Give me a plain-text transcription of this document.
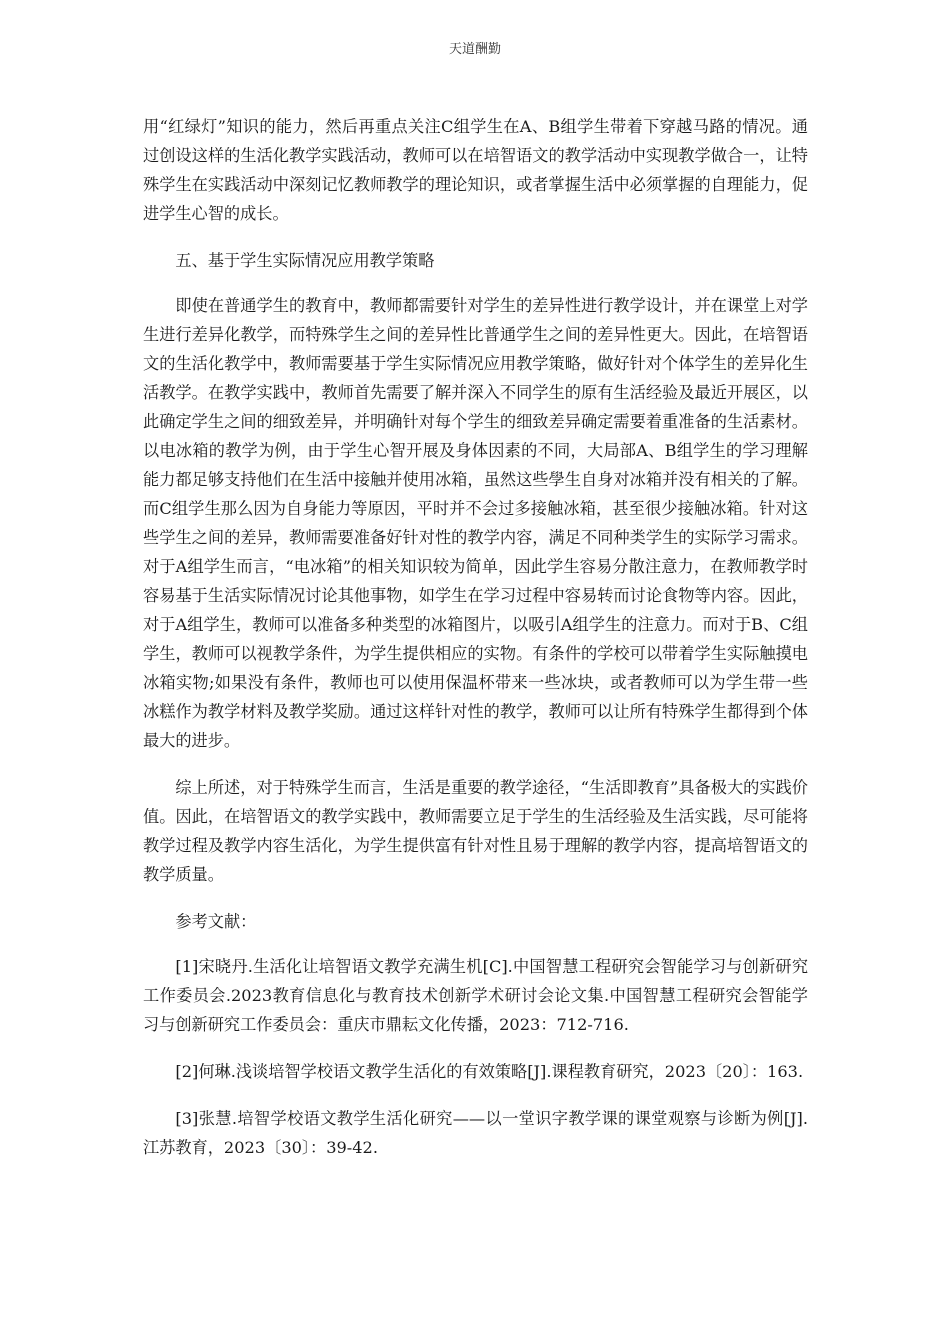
天道酬勤

用“红绿灯”知识的能力，然后再重点关注C组学生在A、B组学生带着下穿越马路的情况。通过创设这样的生活化教学实践活动，教师可以在培智语文的教学活动中实现教学做合一，让特殊学生在实践活动中深刻记忆教师教学的理论知识，或者掌握生活中必须掌握的自理能力，促进学生心智的成长。

五、基于学生实际情况应用教学策略

即使在普通学生的教育中，教师都需要针对学生的差异性进行教学设计，并在课堂上对学生进行差异化教学，而特殊学生之间的差异性比普通学生之间的差异性更大。因此，在培智语文的生活化教学中，教师需要基于学生实际情况应用教学策略，做好针对个体学生的差异化生活教学。在教学实践中，教师首先需要了解并深入不同学生的原有生活经验及最近开展区，以此确定学生之间的细致差异，并明确针对每个学生的细致差异确定需要着重准备的生活素材。以电冰箱的教学为例，由于学生心智开展及身体因素的不同，大局部A、B组学生的学习理解能力都足够支持他们在生活中接触并使用冰箱，虽然这些學生自身对冰箱并没有相关的了解。而C组学生那么因为自身能力等原因，平时并不会过多接触冰箱，甚至很少接触冰箱。针对这些学生之间的差异，教师需要准备好针对性的教学内容，满足不同种类学生的实际学习需求。对于A组学生而言，“电冰箱”的相关知识较为简单，因此学生容易分散注意力，在教师教学时容易基于生活实际情况讨论其他事物，如学生在学习过程中容易转而讨论食物等内容。因此，对于A组学生，教师可以准备多种类型的冰箱图片，以吸引A组学生的注意力。而对于B、C组学生，教师可以视教学条件，为学生提供相应的实物。有条件的学校可以带着学生实际触摸电冰箱实物;如果没有条件，教师也可以使用保温杯带来一些冰块，或者教师可以为学生带一些冰糕作为教学材料及教学奖励。通过这样针对性的教学，教师可以让所有特殊学生都得到个体最大的进步。

综上所述，对于特殊学生而言，生活是重要的教学途径，“生活即教育”具备极大的实践价值。因此，在培智语文的教学实践中，教师需要立足于学生的生活经验及生活实践，尽可能将教学过程及教学内容生活化，为学生提供富有针对性且易于理解的教学内容，提高培智语文的教学质量。

参考文献：

[1]宋晓丹.生活化让培智语文教学充满生机[C].中国智慧工程研究会智能学习与创新研究工作委员会.2023教育信息化与教育技术创新学术研讨会论文集.中国智慧工程研究会智能学习与创新研究工作委员会：重庆市鼎耘文化传播，2023：712-716.

[2]何琳.浅谈培智学校语文教学生活化的有效策略[J].课程教育研究，2023〔20〕：163.

[3]张慧.培智学校语文教学生活化研究——以一堂识字教学课的课堂观察与诊断为例[J].江苏教育，2023〔30〕：39-42.
